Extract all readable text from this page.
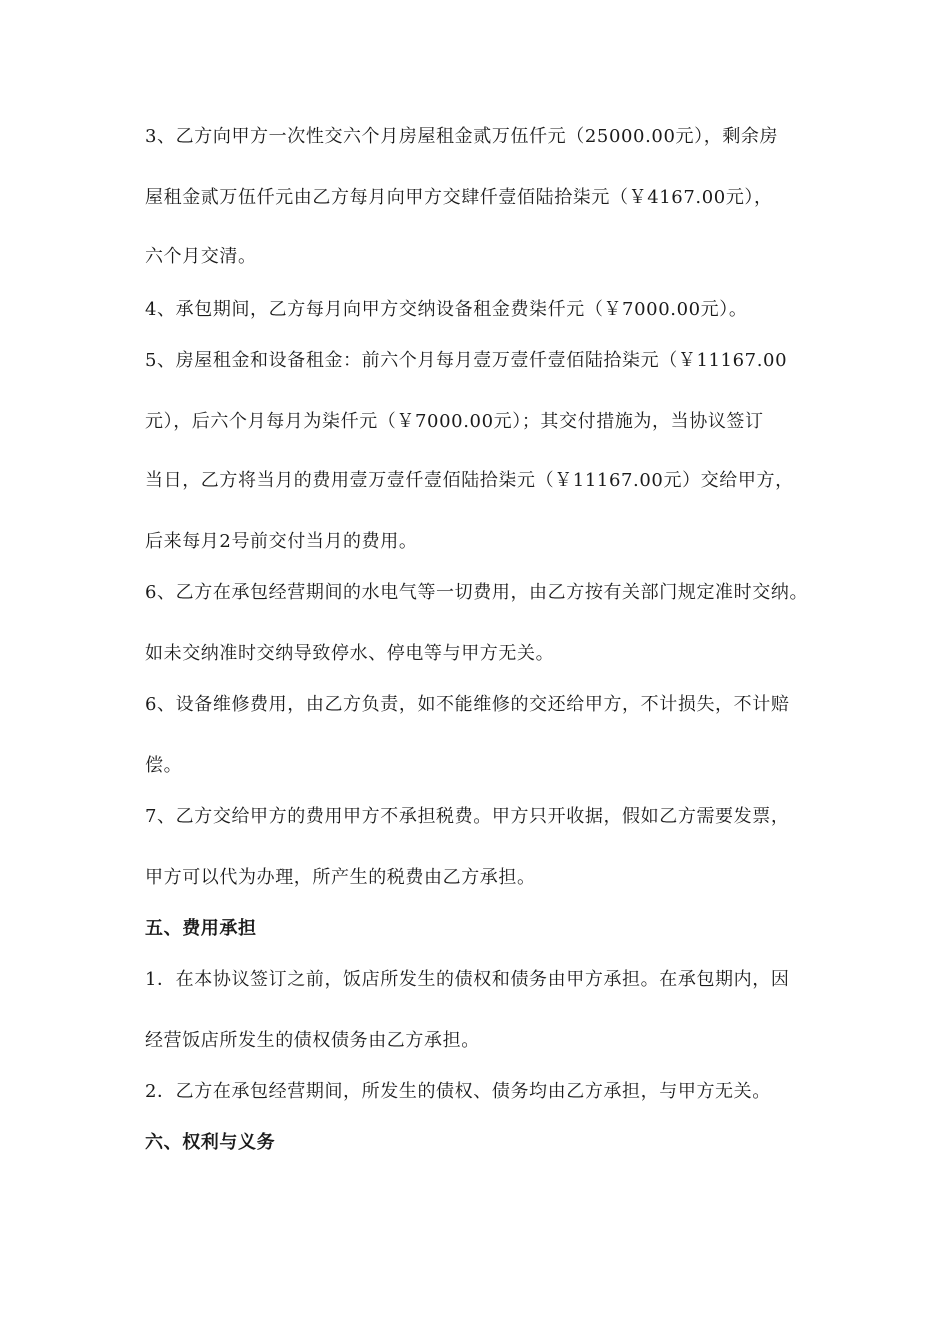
3、乙方向甲方一次性交六个月房屋租金贰万伍仟元（25000.00元），剩余房
屋租金贰万伍仟元由乙方每月向甲方交肆仟壹佰陆拾柒元（￥4167.00元），
六个月交清。
4、承包期间，乙方每月向甲方交纳设备租金费柒仟元（￥7000.00元）。
5、房屋租金和设备租金：前六个月每月壹万壹仟壹佰陆拾柒元（￥11167.00
元），后六个月每月为柒仟元（￥7000.00元）；其交付措施为，当协议签订
当日，乙方将当月的费用壹万壹仟壹佰陆拾柒元（￥11167.00元）交给甲方，
后来每月2号前交付当月的费用。
6、乙方在承包经营期间的水电气等一切费用，由乙方按有关部门规定准时交纳。
如未交纳准时交纳导致停水、停电等与甲方无关。
6、设备维修费用，由乙方负责，如不能维修的交还给甲方，不计损失，不计赔
偿。
7、乙方交给甲方的费用甲方不承担税费。甲方只开收据，假如乙方需要发票，
甲方可以代为办理，所产生的税费由乙方承担。
五、费用承担
1．在本协议签订之前，饭店所发生的债权和债务由甲方承担。在承包期内，因
经营饭店所发生的债权债务由乙方承担。
2．乙方在承包经营期间，所发生的债权、债务均由乙方承担，与甲方无关。
六、权利与义务
